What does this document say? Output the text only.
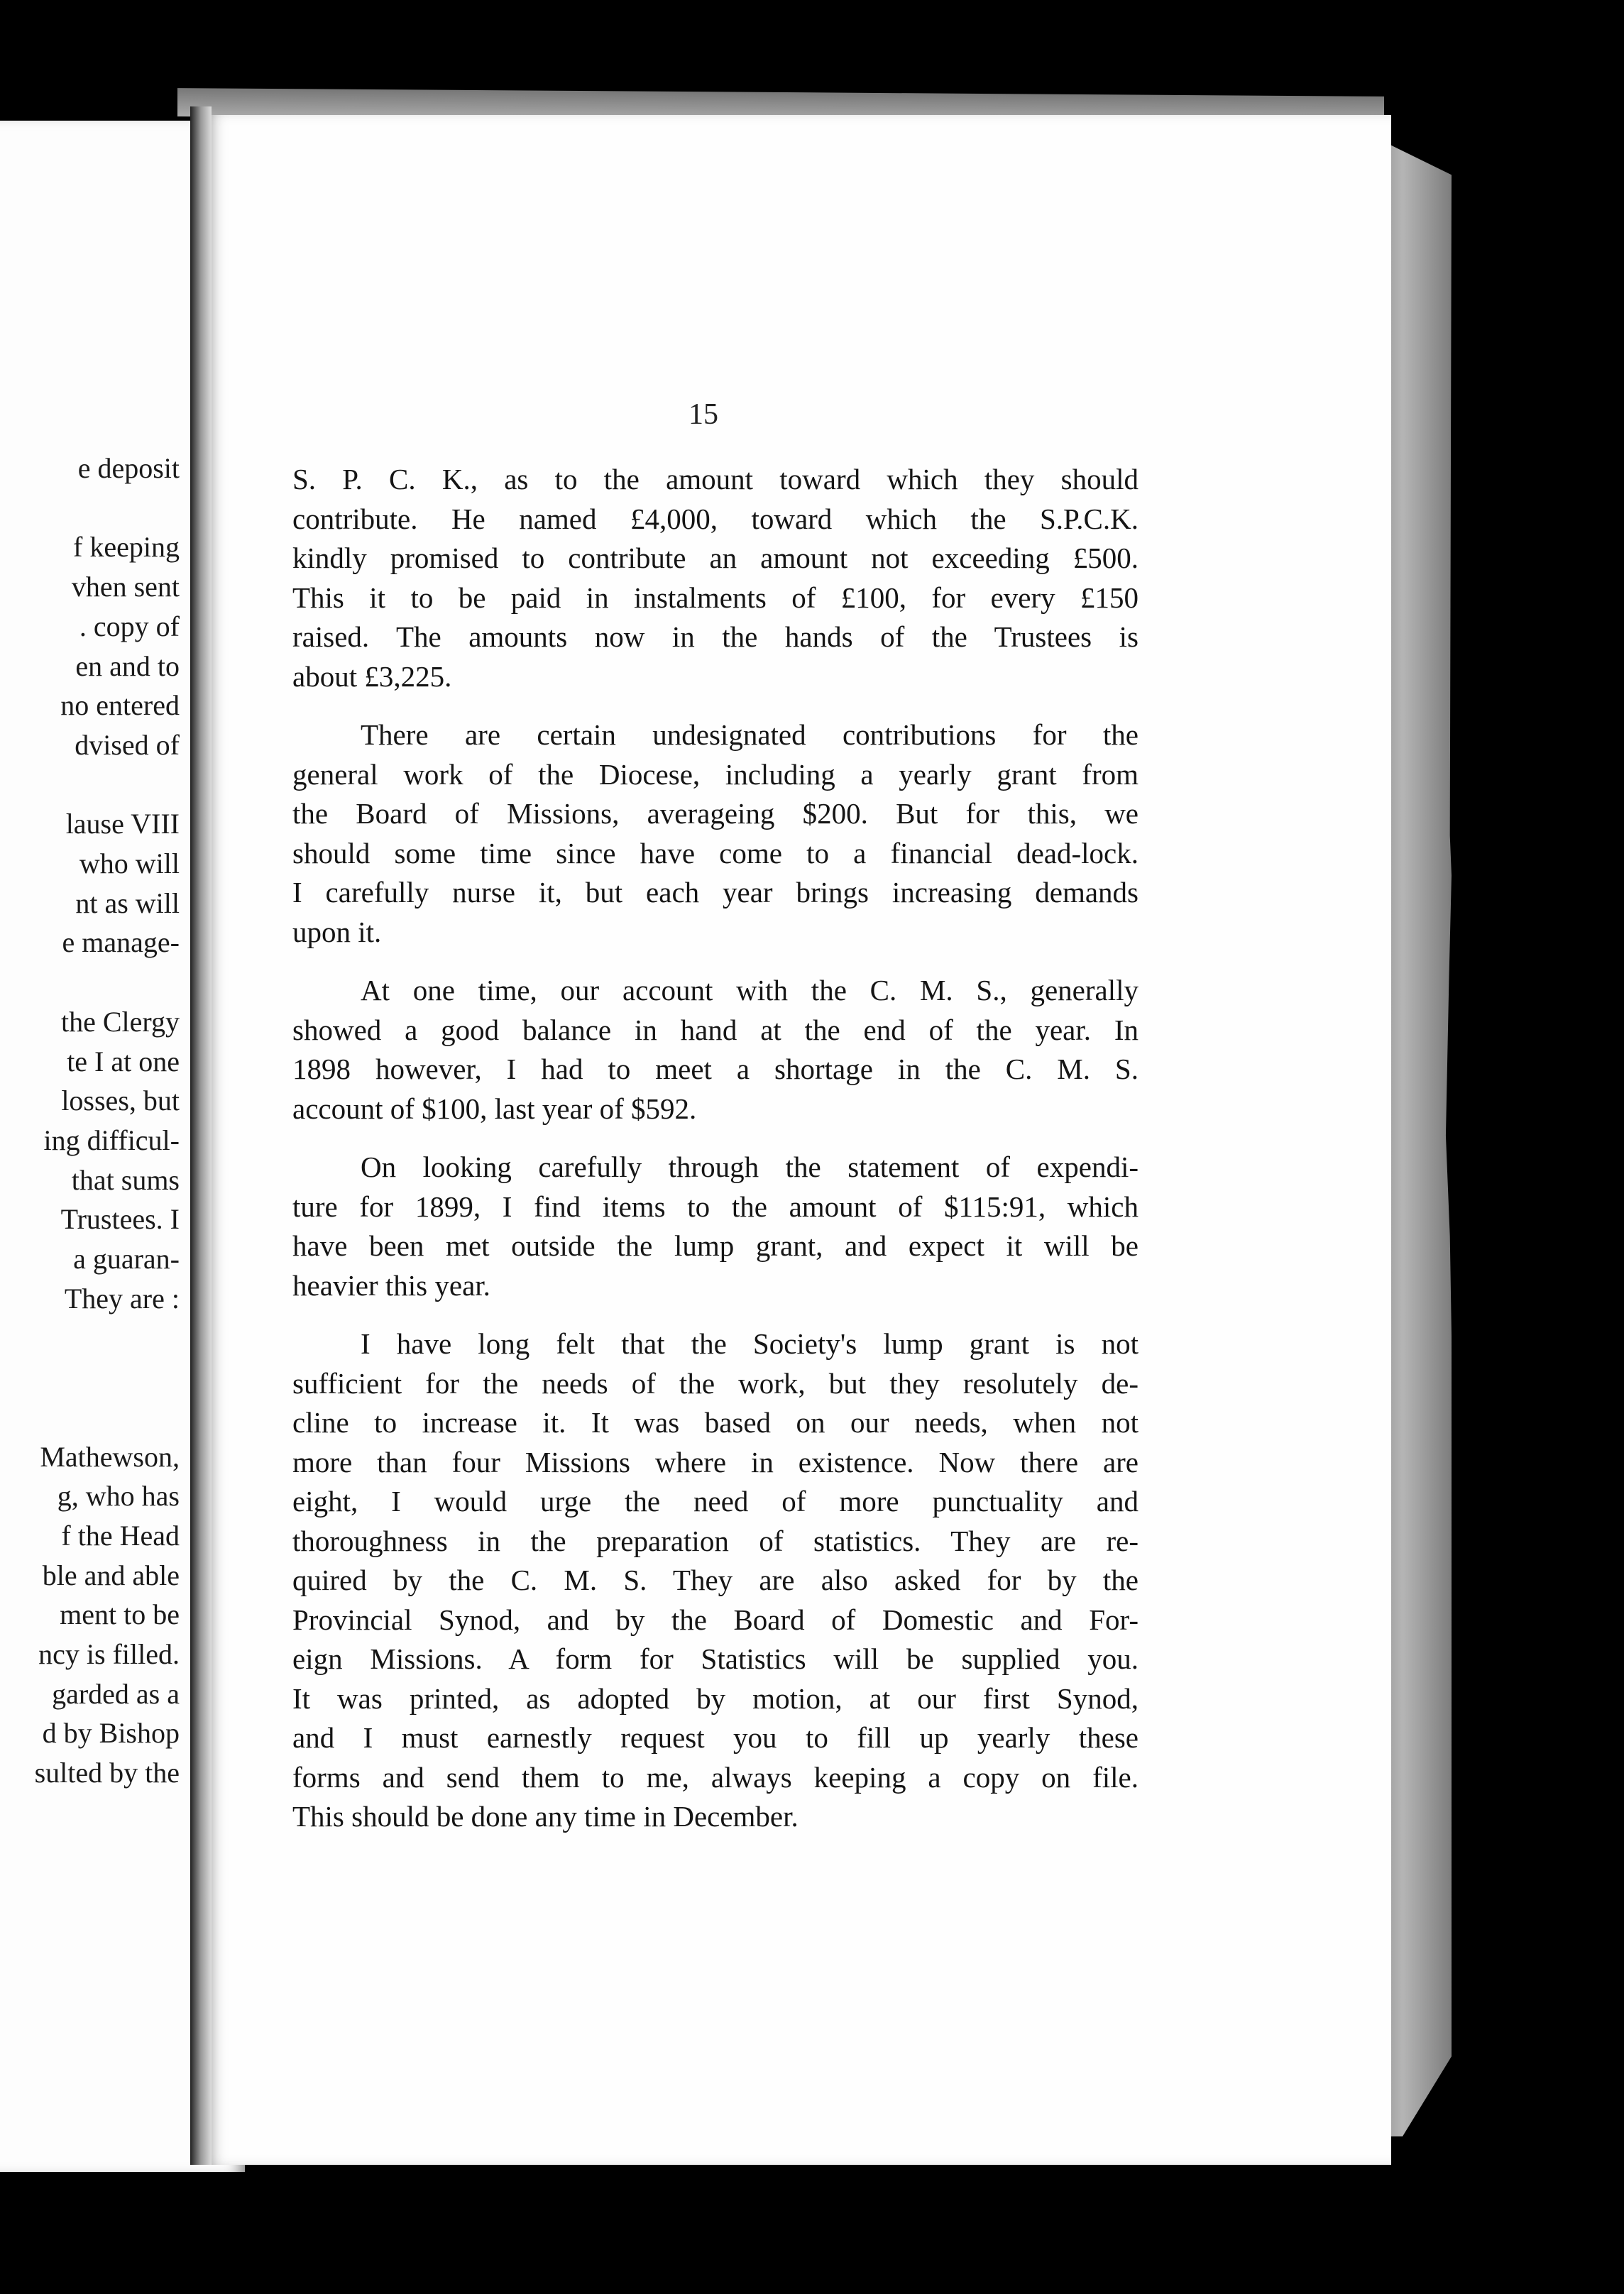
e deposit
f keeping
vhen sent
. copy of
en and to
no entered
dvised of
lause VIII
who will
nt as will
e manage-
the Clergy
te I at one
losses, but
ing difficul-
that sums
Trustees. I
a guaran-
They are :
Mathewson,
g, who has
f the Head
ble and able
ment to be
ncy is filled.
garded as a
d by Bishop
sulted by the
15
S. P. C. K., as to the amount toward which they should
contribute. He named £4,000, toward which the S.P.C.K.
kindly promised to contribute an amount not exceeding £500.
This it to be paid in instalments of £100, for every £150
raised. The amounts now in the hands of the Trustees is
about £3,225.
There are certain undesignated contributions for the
general work of the Diocese, including a yearly grant from
the Board of Missions, averageing $200. But for this, we
should some time since have come to a financial dead-lock.
I carefully nurse it, but each year brings increasing demands
upon it.
At one time, our account with the C. M. S., generally
showed a good balance in hand at the end of the year. In
1898 however, I had to meet a shortage in the C. M. S.
account of $100, last year of $592.
On looking carefully through the statement of expendi-
ture for 1899, I find items to the amount of $115:91, which
have been met outside the lump grant, and expect it will be
heavier this year.
I have long felt that the Society's lump grant is not
sufficient for the needs of the work, but they resolutely de-
cline to increase it. It was based on our needs, when not
more than four Missions where in existence. Now there are
eight, I would urge the need of more punctuality and
thoroughness in the preparation of statistics. They are re-
quired by the C. M. S. They are also asked for by the
Provincial Synod, and by the Board of Domestic and For-
eign Missions. A form for Statistics will be supplied you.
It was printed, as adopted by motion, at our first Synod,
and I must earnestly request you to fill up yearly these
forms and send them to me, always keeping a copy on file.
This should be done any time in December.
